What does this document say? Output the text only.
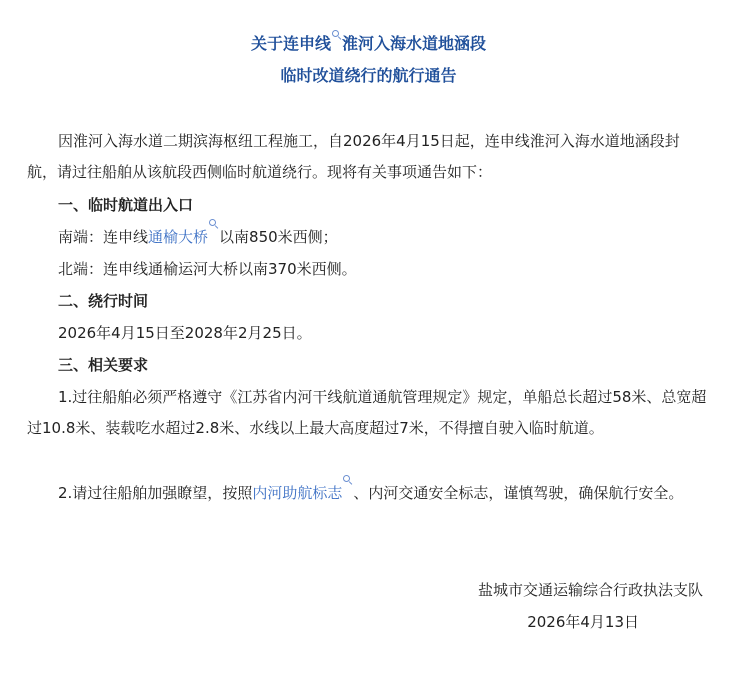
关于连申线 淮河入海水道地涵段
临时改道绕行的航行通告

因淮河入海水道二期滨海枢纽工程施工，自2026年4月15日起，连申线淮河入海水道地涵段封航，请过往船舶从该航段西侧临时航道绕行。现将有关事项通告如下：

一、临时航道出入口

南端：连申线通榆大桥 以南850米西侧；

北端：连申线通榆运河大桥以南370米西侧。

二、绕行时间

2026年4月15日至2028年2月25日。

三、相关要求

1.过往船舶必须严格遵守《江苏省内河干线航道通航管理规定》规定，单船总长超过58米、总宽超过10.8米、装载吃水超过2.8米、水线以上最大高度超过7米，不得擅自驶入临时航道。

2.请过往船舶加强瞭望，按照内河助航标志 、内河交通安全标志，谨慎驾驶，确保航行安全。

盐城市交通运输综合行政执法支队
2026年4月13日
